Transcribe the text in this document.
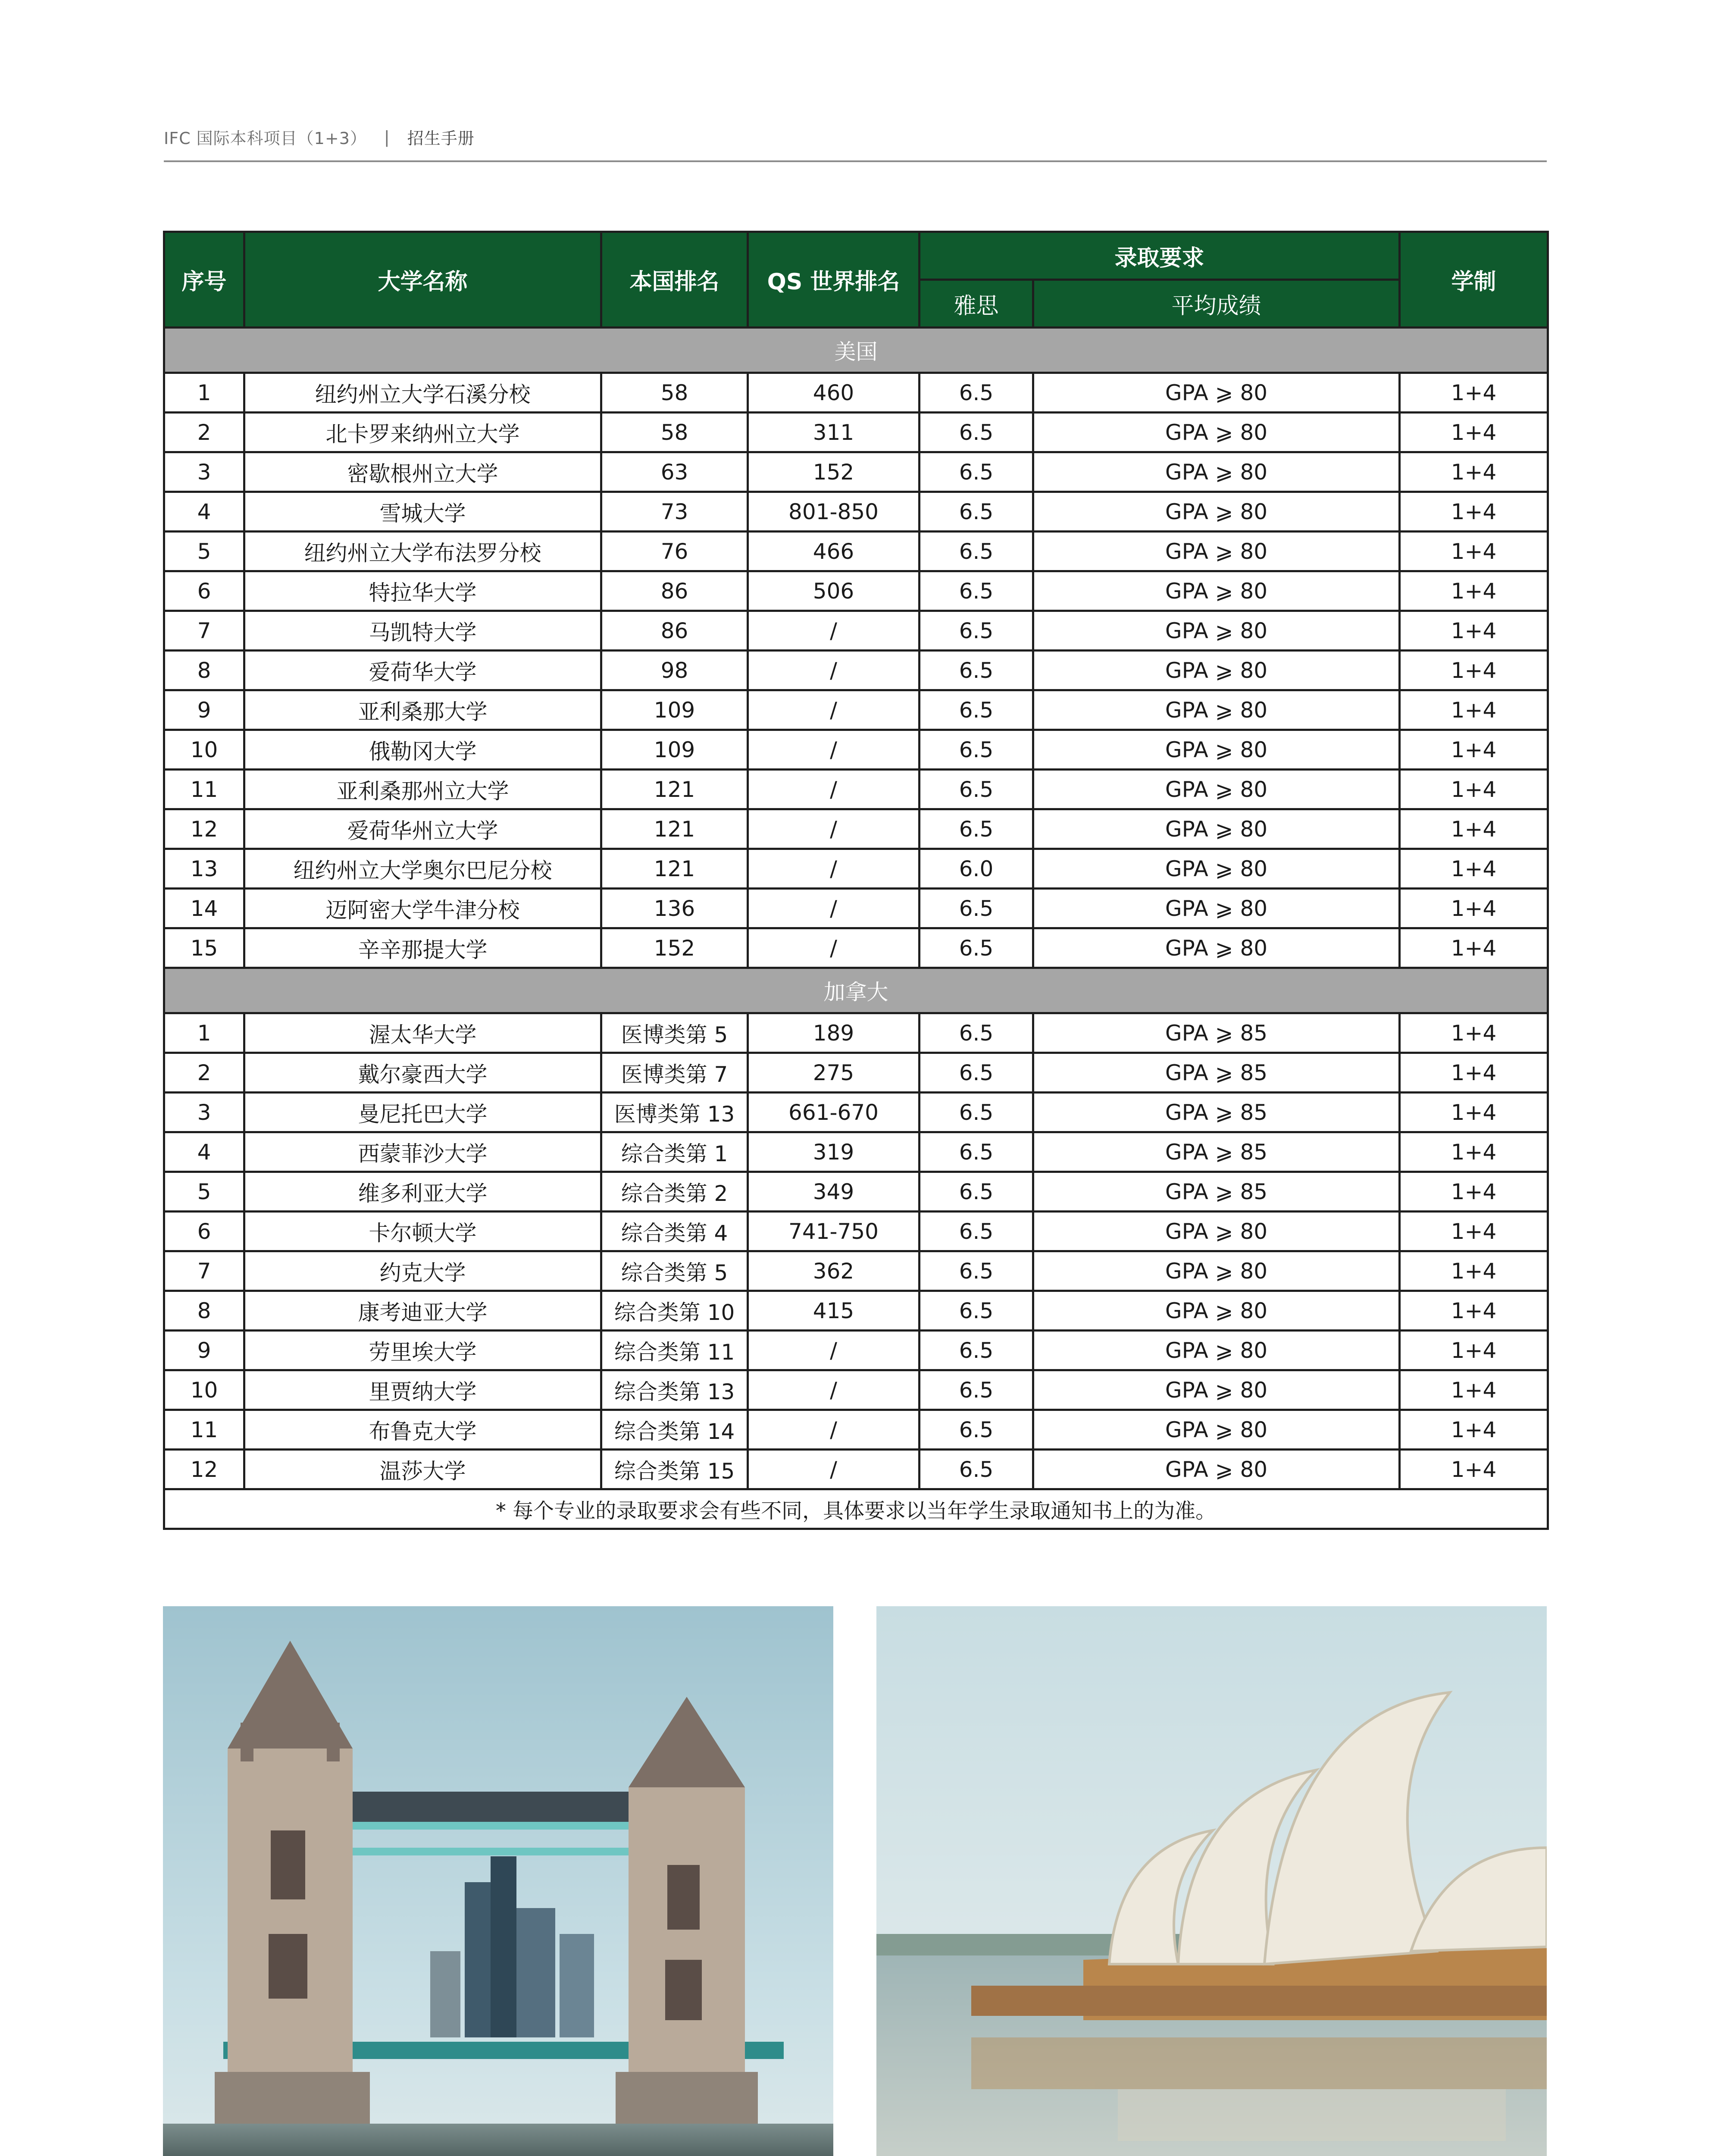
IFC 国际本科项目（1+3） | 招生手册
序号	大学名称	本国排名	QS 世界排名	录取要求		学制
				雅思	平均成绩	
美国						
1	纽约州立大学石溪分校	58	460	6.5	GPA ⩾ 80	1+4
2	北卡罗来纳州立大学	58	311	6.5	GPA ⩾ 80	1+4
3	密歇根州立大学	63	152	6.5	GPA ⩾ 80	1+4
4	雪城大学	73	801-850	6.5	GPA ⩾ 80	1+4
5	纽约州立大学布法罗分校	76	466	6.5	GPA ⩾ 80	1+4
6	特拉华大学	86	506	6.5	GPA ⩾ 80	1+4
7	马凯特大学	86	/	6.5	GPA ⩾ 80	1+4
8	爱荷华大学	98	/	6.5	GPA ⩾ 80	1+4
9	亚利桑那大学	109	/	6.5	GPA ⩾ 80	1+4
10	俄勒冈大学	109	/	6.5	GPA ⩾ 80	1+4
11	亚利桑那州立大学	121	/	6.5	GPA ⩾ 80	1+4
12	爱荷华州立大学	121	/	6.5	GPA ⩾ 80	1+4
13	纽约州立大学奥尔巴尼分校	121	/	6.0	GPA ⩾ 80	1+4
14	迈阿密大学牛津分校	136	/	6.5	GPA ⩾ 80	1+4
15	辛辛那提大学	152	/	6.5	GPA ⩾ 80	1+4
加拿大						
1	渥太华大学	医博类第 5	189	6.5	GPA ⩾ 85	1+4
2	戴尔豪西大学	医博类第 7	275	6.5	GPA ⩾ 85	1+4
3	曼尼托巴大学	医博类第 13	661-670	6.5	GPA ⩾ 85	1+4
4	西蒙菲沙大学	综合类第 1	319	6.5	GPA ⩾ 85	1+4
5	维多利亚大学	综合类第 2	349	6.5	GPA ⩾ 85	1+4
6	卡尔顿大学	综合类第 4	741-750	6.5	GPA ⩾ 80	1+4
7	约克大学	综合类第 5	362	6.5	GPA ⩾ 80	1+4
8	康考迪亚大学	综合类第 10	415	6.5	GPA ⩾ 80	1+4
9	劳里埃大学	综合类第 11	/	6.5	GPA ⩾ 80	1+4
10	里贾纳大学	综合类第 13	/	6.5	GPA ⩾ 80	1+4
11	布鲁克大学	综合类第 14	/	6.5	GPA ⩾ 80	1+4
12	温莎大学	综合类第 15	/	6.5	GPA ⩾ 80	1+4
* 每个专业的录取要求会有些不同，具体要求以当年学生录取通知书上的为准。						
